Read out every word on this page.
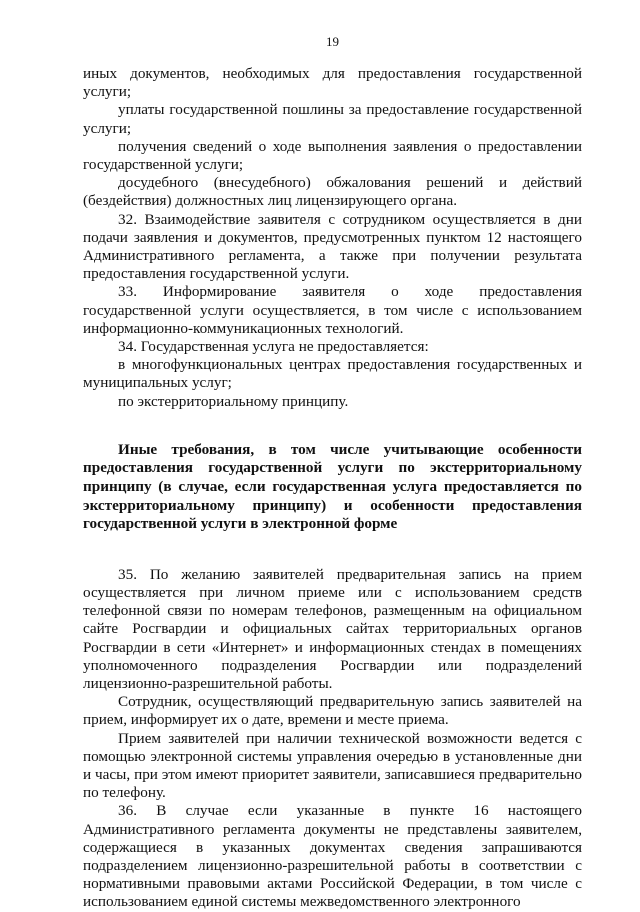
19

иных документов, необходимых для предоставления государственной услуги;

уплаты государственной пошлины за предоставление государственной услуги;

получения сведений о ходе выполнения заявления о предоставлении государственной услуги;

досудебного (внесудебного) обжалования решений и действий (бездействия) должностных лиц лицензирующего органа.

32. Взаимодействие заявителя с сотрудником осуществляется в дни подачи заявления и документов, предусмотренных пунктом 12 настоящего Административного регламента, а также при получении результата предоставления государственной услуги.

33. Информирование заявителя о ходе предоставления государственной услуги осуществляется, в том числе с использованием информационно-коммуникационных технологий.

34. Государственная услуга не предоставляется:

в многофункциональных центрах предоставления государственных и муниципальных услуг;

по экстерриториальному принципу.

Иные требования, в том числе учитывающие особенности предоставления государственной услуги по экстерриториальному принципу (в случае, если государственная услуга предоставляется по экстерриториальному принципу) и особенности предоставления государственной услуги в электронной форме

35. По желанию заявителей предварительная запись на прием осуществляется при личном приеме или с использованием средств телефонной связи по номерам телефонов, размещенным на официальном сайте Росгвардии и официальных сайтах территориальных органов Росгвардии в сети «Интернет» и информационных стендах в помещениях уполномоченного подразделения Росгвардии или подразделений лицензионно-разрешительной работы.

Сотрудник, осуществляющий предварительную запись заявителей на прием, информирует их о дате, времени и месте приема.

Прием заявителей при наличии технической возможности ведется с помощью электронной системы управления очередью в установленные дни и часы, при этом имеют приоритет заявители, записавшиеся предварительно по телефону.

36. В случае если указанные в пункте 16 настоящего Административного регламента документы не представлены заявителем, содержащиеся в указанных документах сведения запрашиваются подразделением лицензионно-разрешительной работы в соответствии с нормативными правовыми актами Российской Федерации, в том числе с использованием единой системы межведомственного электронного
